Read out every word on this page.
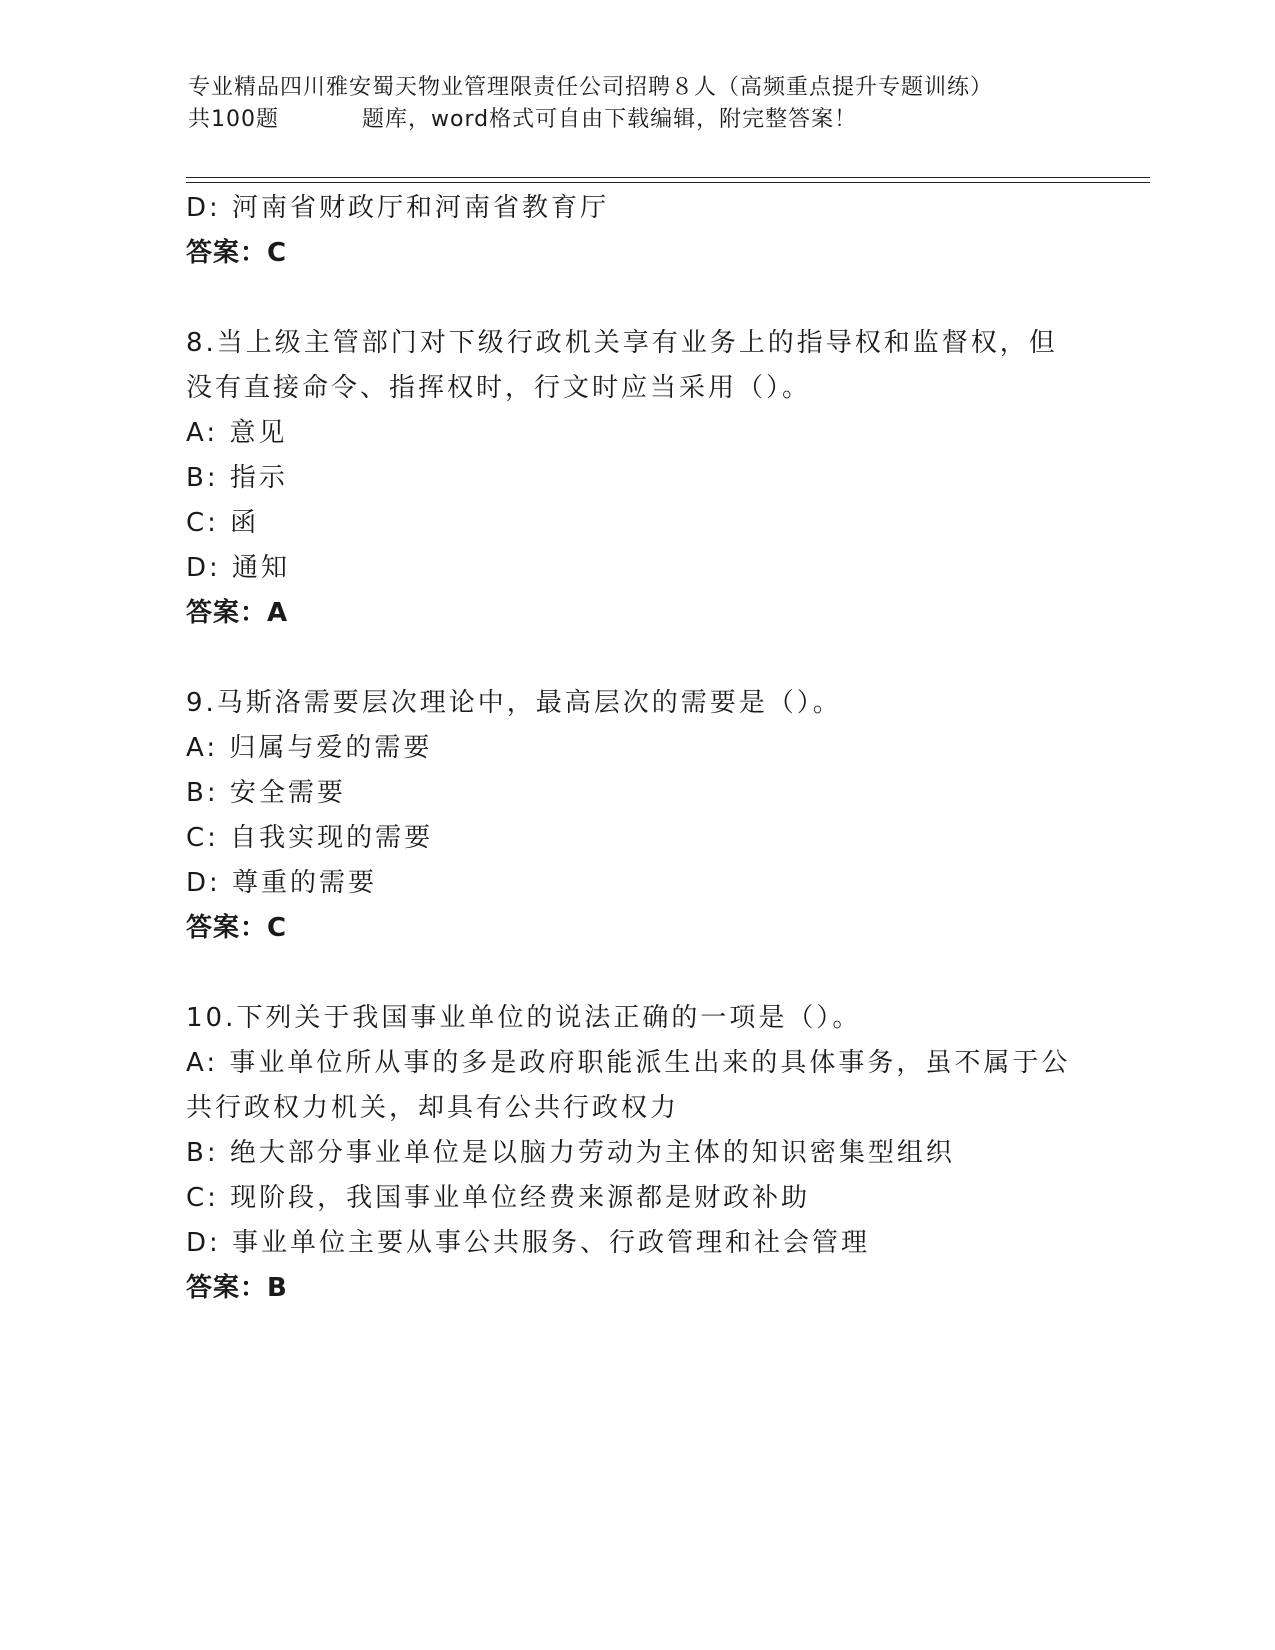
专业精品四川雅安蜀天物业管理限责任公司招聘８人（高频重点提升专题训练）
共100题	题库，word格式可自由下载编辑，附完整答案！
D: 河南省财政厅和河南省教育厅
答案：C
8.当上级主管部门对下级行政机关享有业务上的指导权和监督权，但
没有直接命令、指挥权时，行文时应当采用（）。
A: 意见
B: 指示
C: 函
D: 通知
答案：A
9.马斯洛需要层次理论中，最高层次的需要是（）。
A: 归属与爱的需要
B: 安全需要
C: 自我实现的需要
D: 尊重的需要
答案：C
10.下列关于我国事业单位的说法正确的一项是（）。
A: 事业单位所从事的多是政府职能派生出来的具体事务，虽不属于公
共行政权力机关，却具有公共行政权力
B: 绝大部分事业单位是以脑力劳动为主体的知识密集型组织
C: 现阶段，我国事业单位经费来源都是财政补助
D: 事业单位主要从事公共服务、行政管理和社会管理
答案：B
